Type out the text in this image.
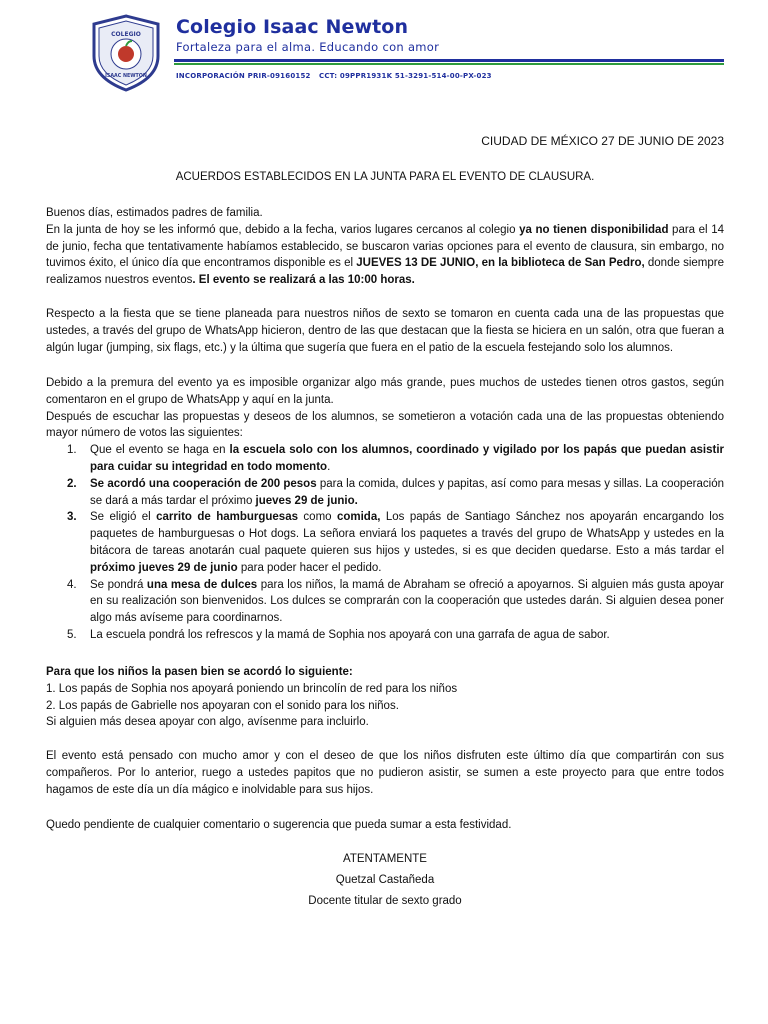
COLEGIO
ISAAC NEWTON
Colegio Isaac Newton
Fortaleza para el alma. Educando con amor
INCORPORACIÓN PRIR-09160152 CCT: 09PPR1931K 51-3291-514-00-PX-023
CIUDAD DE MÉXICO 27 DE JUNIO DE 2023
ACUERDOS ESTABLECIDOS EN LA JUNTA PARA EL EVENTO DE CLAUSURA.

Buenos días, estimados padres de familia.

En la junta de hoy se les informó que, debido a la fecha, varios lugares cercanos al colegio ya no tienen disponibilidad para el 14 de junio, fecha que tentativamente habíamos establecido, se buscaron varias opciones para el evento de clausura, sin embargo, no tuvimos éxito, el único día que encontramos disponible es el JUEVES 13 DE JUNIO, en la biblioteca de San Pedro, donde siempre realizamos nuestros eventos. El evento se realizará a las 10:00 horas.

Respecto a la fiesta que se tiene planeada para nuestros niños de sexto se tomaron en cuenta cada una de las propuestas que ustedes, a través del grupo de WhatsApp hicieron, dentro de las que destacan que la fiesta se hiciera en un salón, otra que fueran a algún lugar (jumping, six flags, etc.) y la última que sugería que fuera en el patio de la escuela festejando solo los alumnos.

Debido a la premura del evento ya es imposible organizar algo más grande, pues muchos de ustedes tienen otros gastos, según comentaron en el grupo de WhatsApp y aquí en la junta.

Después de escuchar las propuestas y deseos de los alumnos, se sometieron a votación cada una de las propuestas obteniendo mayor número de votos las siguientes:

1. Que el evento se haga en la escuela solo con los alumnos, coordinado y vigilado por los papás que puedan asistir para cuidar su integridad en todo momento.
2. Se acordó una cooperación de 200 pesos para la comida, dulces y papitas, así como para mesas y sillas. La cooperación se dará a más tardar el próximo jueves 29 de junio.
3. Se eligió el carrito de hamburguesas como comida, Los papás de Santiago Sánchez nos apoyarán encargando los paquetes de hamburguesas o Hot dogs. La señora enviará los paquetes a través del grupo de WhatsApp y ustedes en la bitácora de tareas anotarán cual paquete quieren sus hijos y ustedes, si es que deciden quedarse. Esto a más tardar el próximo jueves 29 de junio para poder hacer el pedido.
4. Se pondrá una mesa de dulces para los niños, la mamá de Abraham se ofreció a apoyarnos. Si alguien más gusta apoyar en su realización son bienvenidos. Los dulces se comprarán con la cooperación que ustedes darán. Si alguien desea poner algo más avíseme para coordinarnos.
5. La escuela pondrá los refrescos y la mamá de Sophia nos apoyará con una garrafa de agua de sabor.

Para que los niños la pasen bien se acordó lo siguiente:

1. Los papás de Sophia nos apoyará poniendo un brincolín de red para los niños

2. Los papás de Gabrielle nos apoyaran con el sonido para los niños.

Si alguien más desea apoyar con algo, avísenme para incluirlo.

El evento está pensado con mucho amor y con el deseo de que los niños disfruten este último día que compartirán con sus compañeros. Por lo anterior, ruego a ustedes papitos que no pudieron asistir, se sumen a este proyecto para que entre todos hagamos de este día un día mágico e inolvidable para sus hijos.

Quedo pendiente de cualquier comentario o sugerencia que pueda sumar a esta festividad.

ATENTAMENTE
Quetzal Castañeda
Docente titular de sexto grado
